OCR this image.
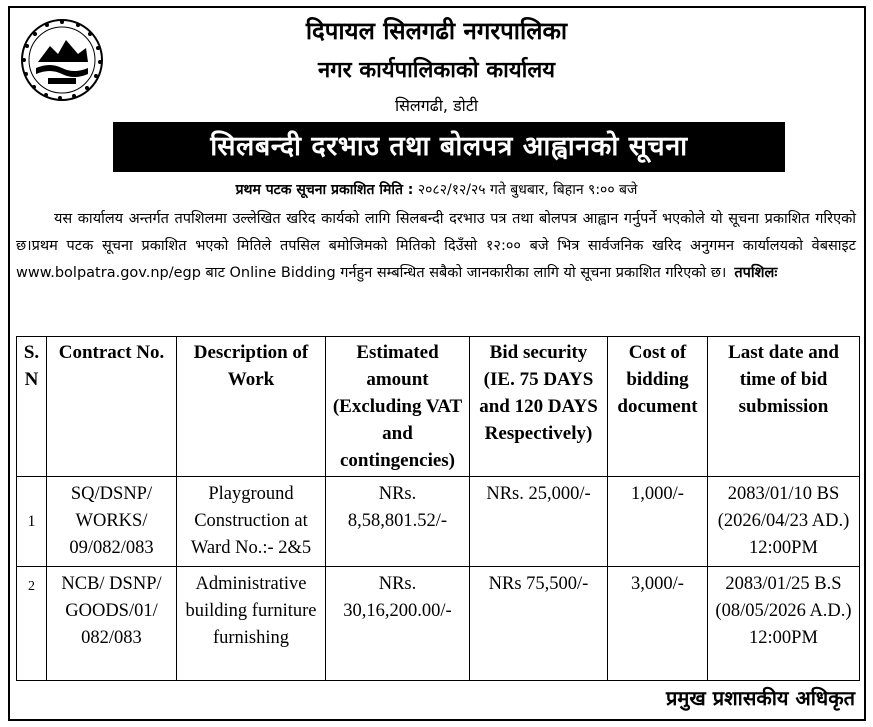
दिपायल सिलगढी नगरपालिका
नगर कार्यपालिकाको कार्यालय
सिलगढी, डोटी
सिलबन्दी दरभाउ तथा बोलपत्र आह्वानको सूचना
प्रथम पटक सूचना प्रकाशित मिति : २०८२/१२/२५ गते बुधबार, बिहान ९:०० बजे
यस कार्यालय अन्तर्गत तपशिलमा उल्लेखित खरिद कार्यको लागि सिलबन्दी दरभाउ पत्र तथा बोलपत्र आह्वान गर्नुपर्ने भएकोले यो सूचना प्रकाशित गरिएको छ।प्रथम पटक सूचना प्रकाशित भएको मितिले तपसिल बमोजिमको मितिको दिउँसो १२:०० बजे भित्र सार्वजनिक खरिद अनुगमन कार्यालयको वेबसाइट www.bolpatra.gov.np/egp बाट Online Bidding गर्नहुन सम्बन्धित सबैको जानकारीका लागि यो सूचना प्रकाशित गरिएको छ। तपशिलः
S. N	Contract No.	Description of Work	Estimated amount (Excluding VAT and contingencies)	Bid security (IE. 75 DAYS and 120 DAYS Respectively)	Cost of bidding document	Last date and time of bid submission
1	SQ/DSNP/ WORKS/ 09/082/083	Playground Construction at Ward No.:- 2&5	NRs. 8,58,801.52/-	NRs. 25,000/-	1,000/-	2083/01/10 BS (2026/04/23 AD.) 12:00PM
2	NCB/ DSNP/ GOODS/01/ 082/083	Administrative building furniture furnishing	NRs. 30,16,200.00/-	NRs 75,500/-	3,000/-	2083/01/25 B.S (08/05/2026 A.D.) 12:00PM
प्रमुख प्रशासकीय अधिकृत
